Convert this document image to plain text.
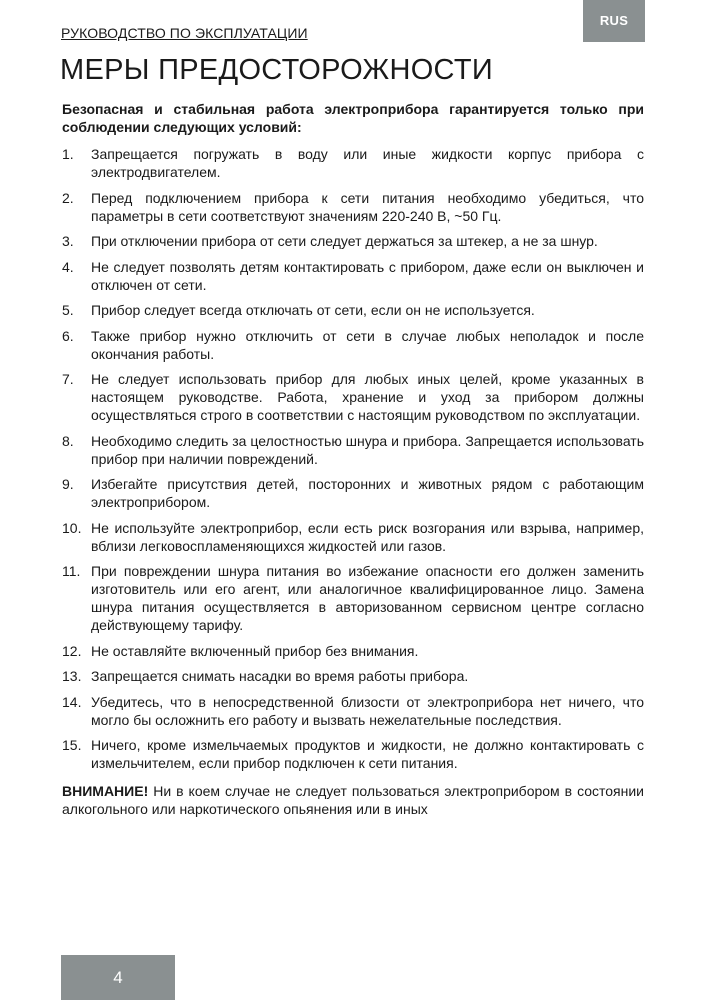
RUS
РУКОВОДСТВО ПО ЭКСПЛУАТАЦИИ
МЕРЫ ПРЕДОСТОРОЖНОСТИ

Безопасная и стабильная работа электроприбора гарантируется только при соблюдении следующих условий:

1.	Запрещается погружать в воду или иные жидкости корпус прибора с электродвигателем.
2.	Перед подключением прибора к сети питания необходимо убедиться, что параметры в сети соответствуют значениям 220-240 В, ~50 Гц.
3.	При отключении прибора от сети следует держаться за штекер, а не за шнур.
4.	Не следует позволять детям контактировать с прибором, даже если он выключен и отключен от сети.
5.	Прибор следует всегда отключать от сети, если он не используется.
6.	Также прибор нужно отключить от сети в случае любых неполадок и после окончания работы.
7.	Не следует использовать прибор для любых иных целей, кроме указанных в настоящем руководстве. Работа, хранение и уход за прибором должны осуществляться строго в соответствии с настоящим руководством по эксплуатации.
8.	Необходимо следить за целостностью шнура и прибора. Запрещается использовать прибор при наличии повреждений.
9.	Избегайте присутствия детей, посторонних и животных рядом с работающим электроприбором.
10. Не используйте электроприбор, если есть риск возгорания или взрыва, например, вблизи легковоспламеняющихся жидкостей или газов.
11. При повреждении шнура питания во избежание опасности его должен заменить изготовитель или его агент, или аналогичное квалифицированное лицо. Замена шнура питания осуществляется в авторизованном сервисном центре согласно действующему тарифу.
12. Не оставляйте включенный прибор без внимания.
13. Запрещается снимать насадки во время работы прибора.
14. Убедитесь, что в непосредственной близости от электроприбора нет ничего, что могло бы осложнить его работу и вызвать нежелательные последствия.
15. Ничего, кроме измельчаемых продуктов и жидкости, не должно контактировать с измельчителем, если прибор подключен к сети питания.

ВНИМАНИЕ! Ни в коем случае не следует пользоваться электроприбором в состоянии алкогольного или наркотического опьянения или в иных

4
